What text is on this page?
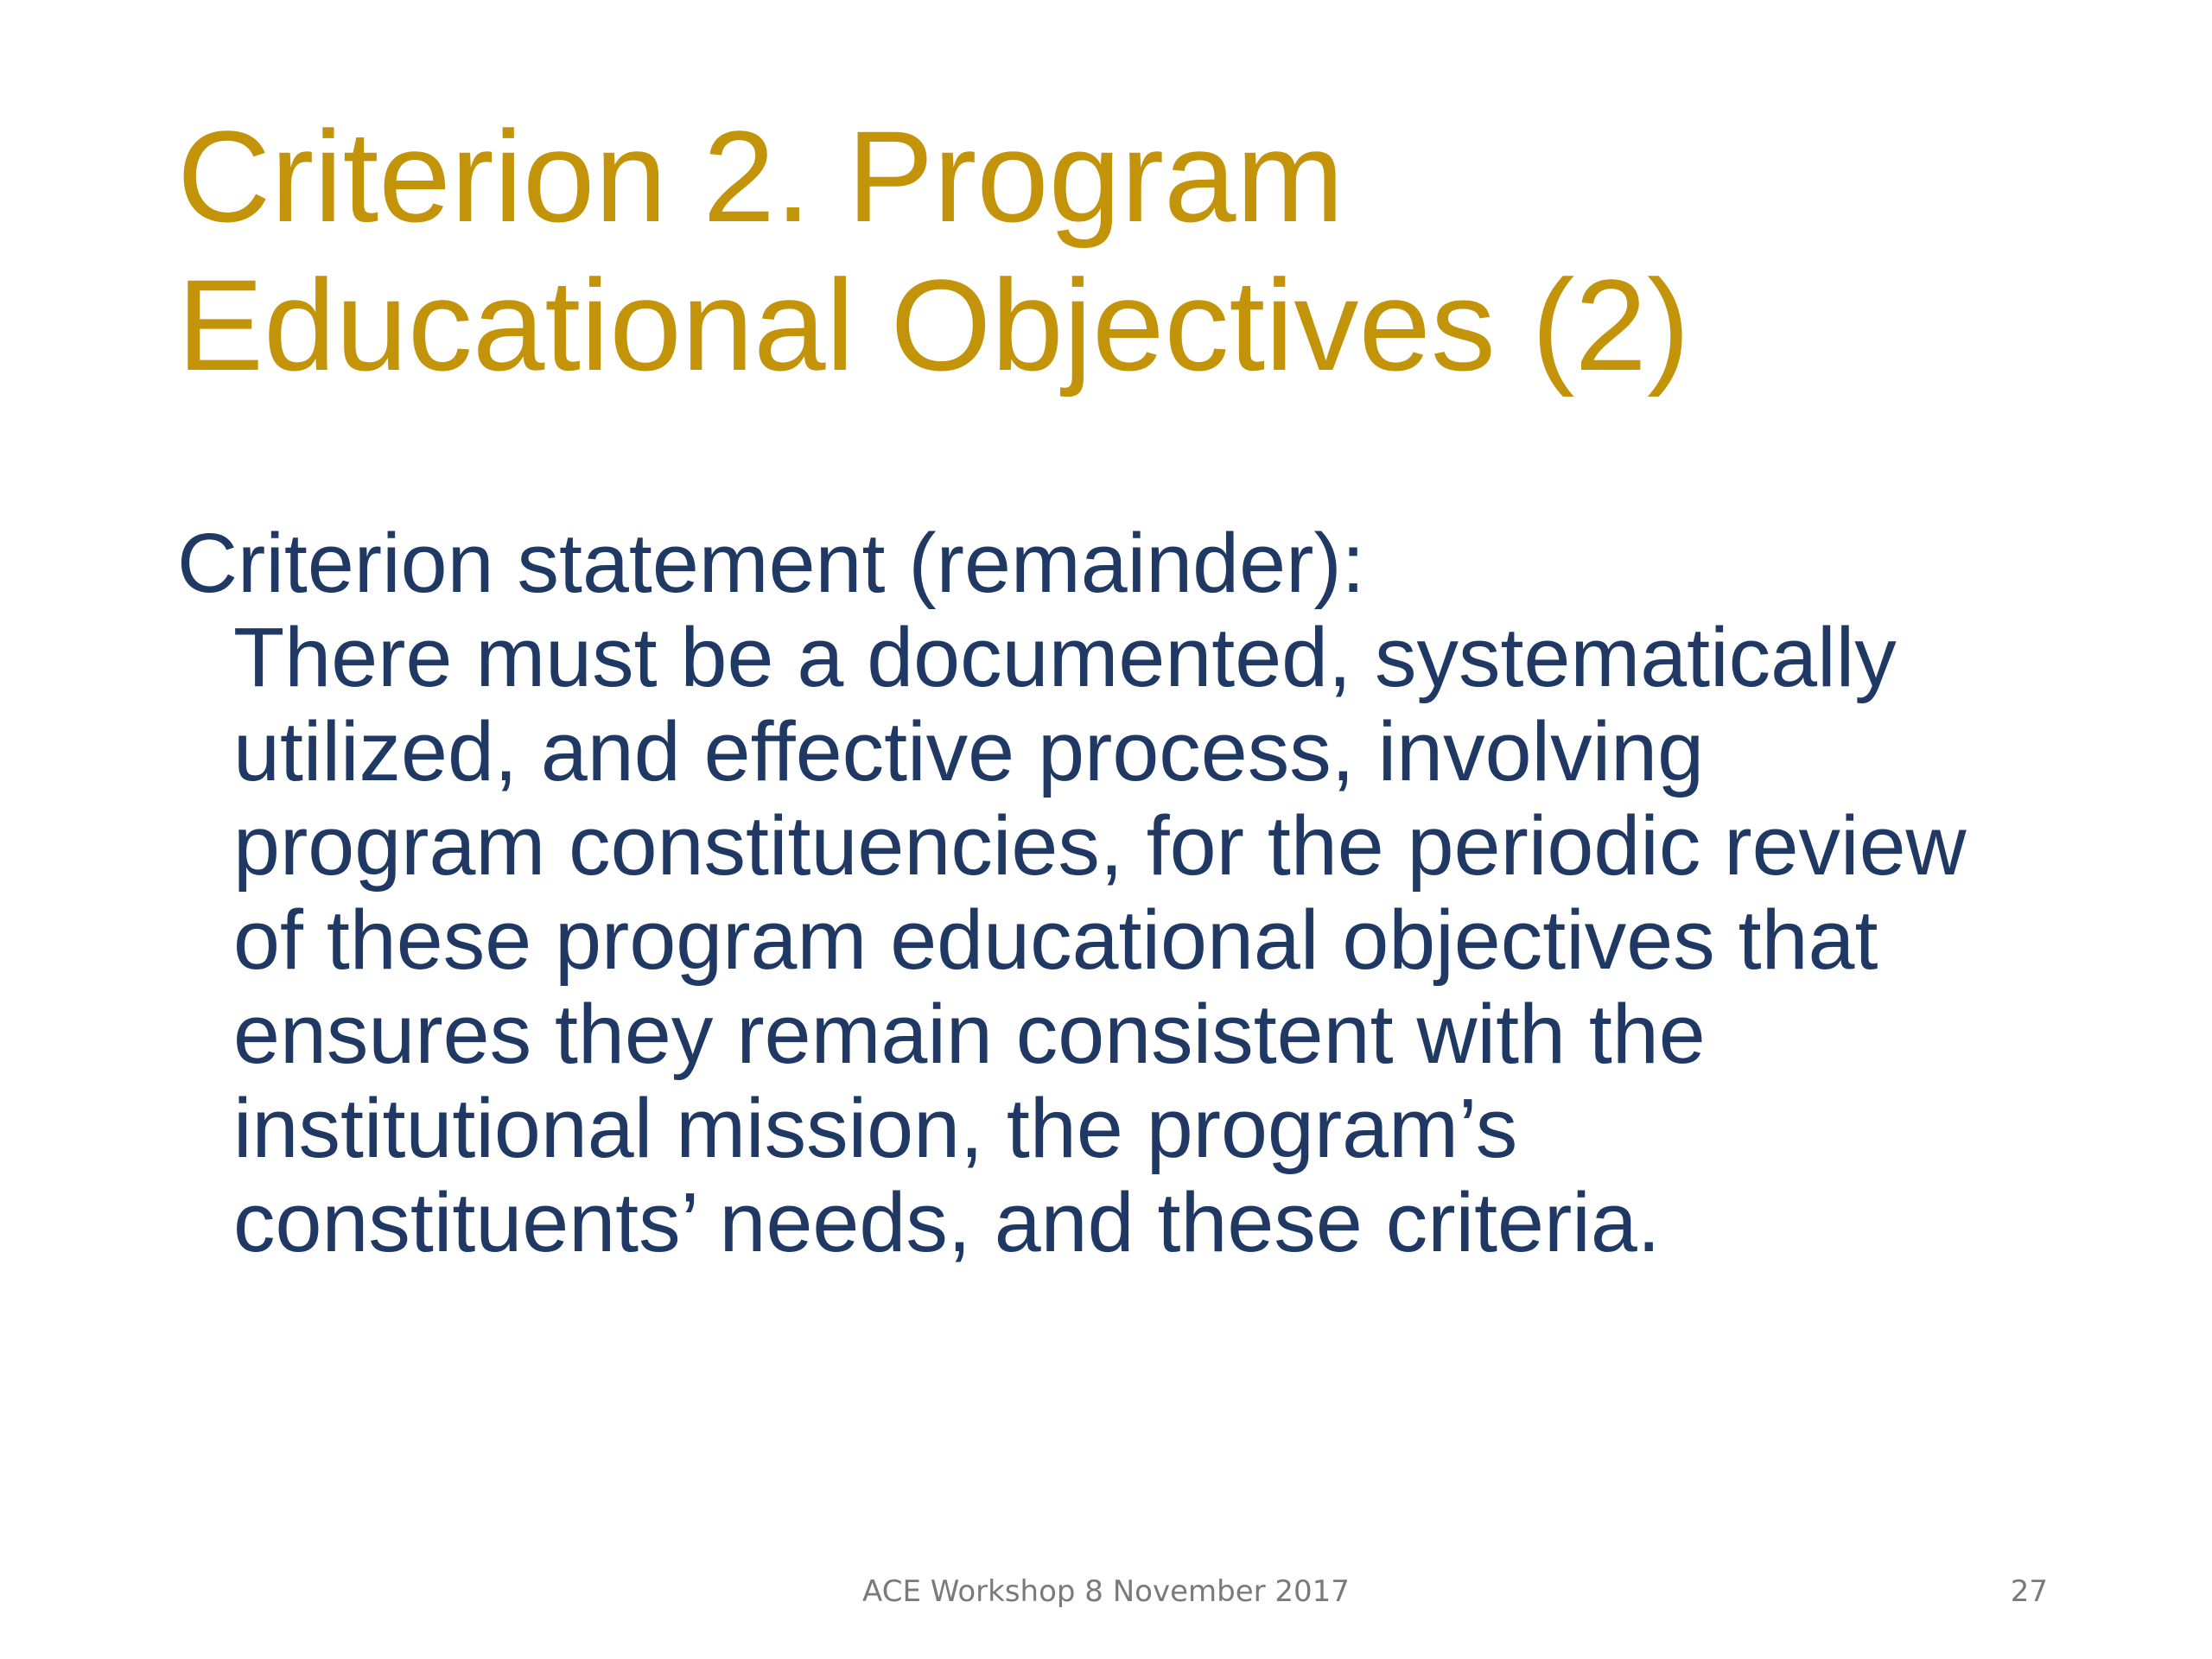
Criterion 2. Program
Educational Objectives (2)
Criterion statement (remainder):
There must be a documented, systematically
utilized, and effective process, involving
program constituencies, for the periodic review
of these program educational objectives that
ensures they remain consistent with the
institutional mission, the program’s
constituents’ needs, and these criteria.
ACE Workshop 8 November 2017	27
